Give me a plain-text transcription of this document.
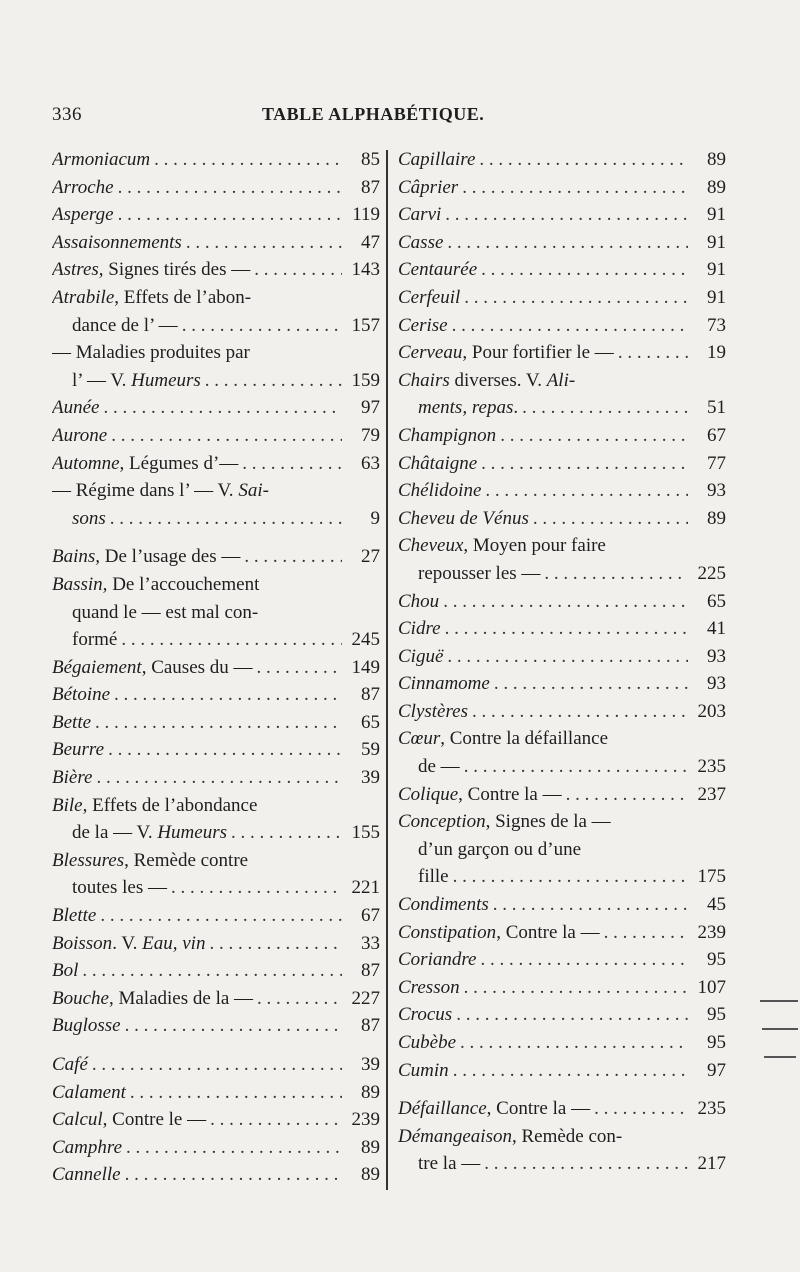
336	TABLE ALPHABÉTIQUE.
Armoniacum . . .	85
Arroche . . .	87
Asperge . . .	119
Assaisonnements . . .	47
Astres, Signes tirés des — . . .	143
Atrabile, Effets de l’abon-
dance de l’ — . . .	157
— Maladies produites par
l’ — V. Humeurs . . .	159
Aunée . . .	97
Aurone . . .	79
Automne, Légumes d’— . . .	63
— Régime dans l’ — V. Sai-
sons . . .	9
Bains, De l’usage des — . . .	27
Bassin, De l’accouchement
quand le — est mal con-
formé . . .	245
Bégaiement, Causes du — . . .	149
Bétoine . . .	87
Bette . . .	65
Beurre . . .	59
Bière . . .	39
Bile, Effets de l’abondance
de la — V. Humeurs . . .	155
Blessures, Remède contre
toutes les — . . .	221
Blette . . .	67
Boisson. V. Eau, vin . . .	33
Bol . . .	87
Bouche, Maladies de la — . . .	227
Buglosse . . .	87
Café . . .	39
Calament . . .	89
Calcul, Contre le — . . .	239
Camphre . . .	89
Cannelle . . .	89
Capillaire . . .	89
Câprier . . .	89
Carvi . . .	91
Casse . . .	91
Centaurée . . .	91
Cerfeuil . . .	91
Cerise . . .	73
Cerveau, Pour fortifier le — . . .	19
Chairs diverses. V. Ali-
ments, repas. . . .	51
Champignon . . .	67
Châtaigne . . .	77
Chélidoine . . .	93
Cheveu de Vénus . . .	89
Cheveux, Moyen pour faire
repousser les — . . .	225
Chou . . .	65
Cidre . . .	41
Ciguë . . .	93
Cinnamome . . .	93
Clystères . . .	203
Cœur, Contre la défaillance
de — . . .	235
Colique, Contre la — . . .	237
Conception, Signes de la —
d’un garçon ou d’une
fille . . .	175
Condiments . . .	45
Constipation, Contre la — . . .	239
Coriandre . . .	95
Cresson . . .	107
Crocus . . .	95
Cubèbe . . .	95
Cumin . . .	97
Défaillance, Contre la — . . .	235
Démangeaison, Remède con-
tre la — . . .	217
